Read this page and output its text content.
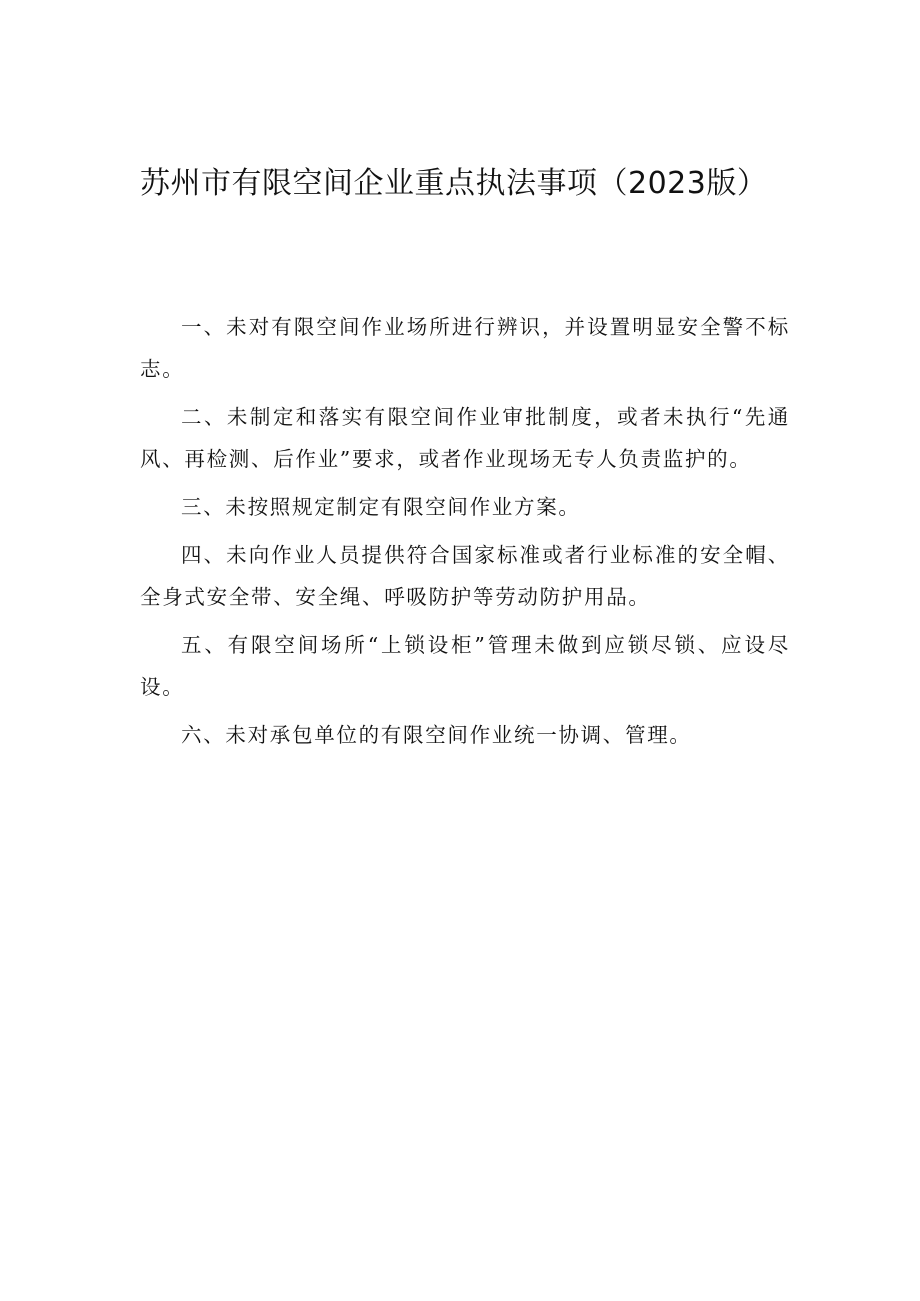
苏州市有限空间企业重点执法事项（2023版）

一、未对有限空间作业场所进行辨识，并设置明显安全警不标志。

二、未制定和落实有限空间作业审批制度，或者未执行“先通风、再检测、后作业”要求，或者作业现场无专人负责监护的。

三、未按照规定制定有限空间作业方案。

四、未向作业人员提供符合国家标准或者行业标准的安全帽、全身式安全带、安全绳、呼吸防护等劳动防护用品。

五、有限空间场所“上锁设柜”管理未做到应锁尽锁、应设尽设。

六、未对承包单位的有限空间作业统一协调、管理。
